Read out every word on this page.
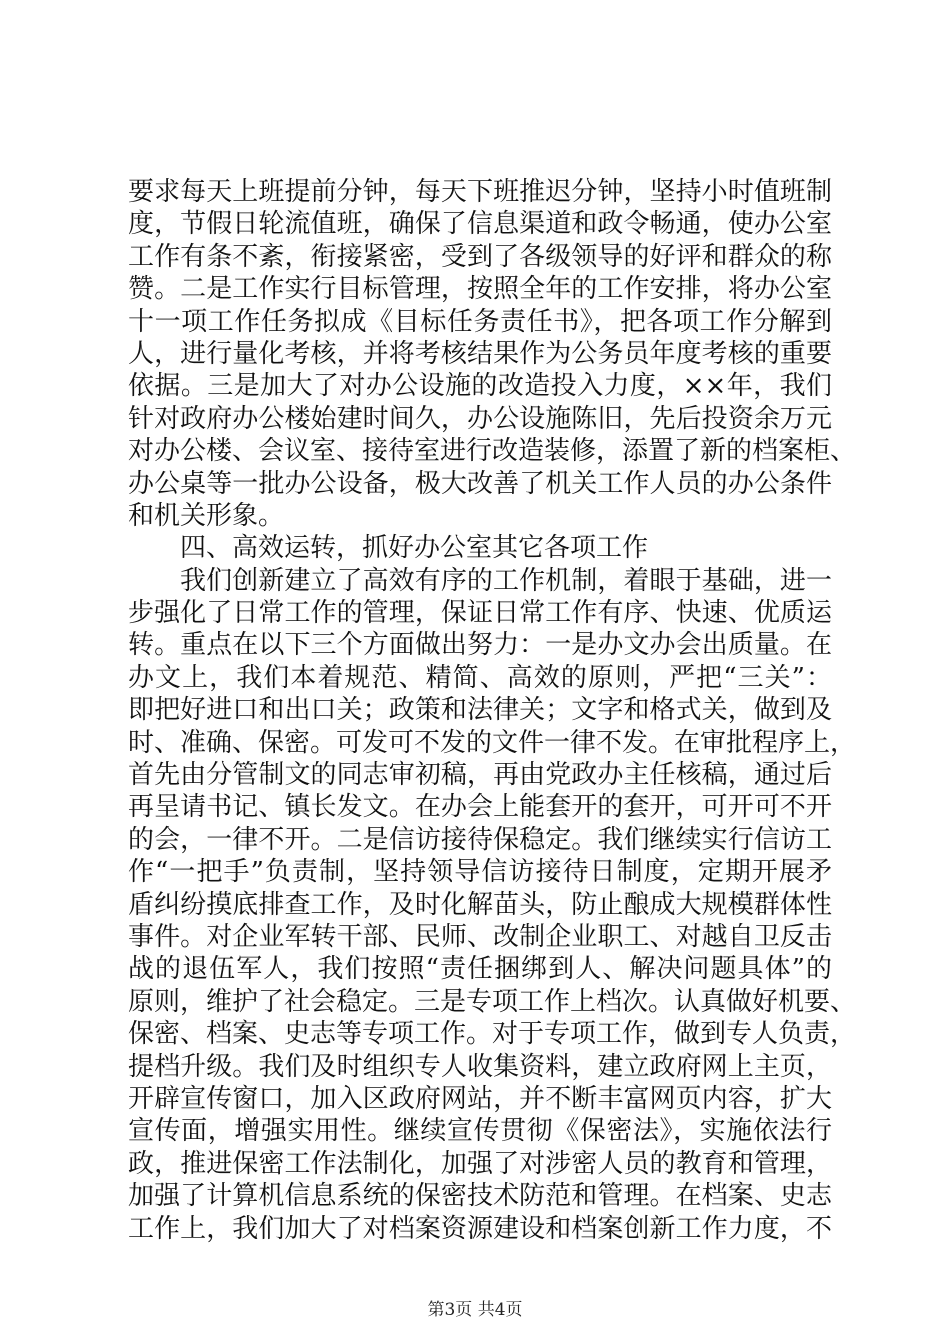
要求每天上班提前分钟，每天下班推迟分钟，坚持小时值班制
度，节假日轮流值班，确保了信息渠道和政令畅通，使办公室
工作有条不紊，衔接紧密，受到了各级领导的好评和群众的称
赞。二是工作实行目标管理，按照全年的工作安排，将办公室
十一项工作任务拟成《目标任务责任书》，把各项工作分解到
人，进行量化考核，并将考核结果作为公务员年度考核的重要
依据。三是加大了对办公设施的改造投入力度，××年，我们
针对政府办公楼始建时间久，办公设施陈旧，先后投资余万元
对办公楼、会议室、接待室进行改造装修，添置了新的档案柜、
办公桌等一批办公设备，极大改善了机关工作人员的办公条件
和机关形象。
四、高效运转，抓好办公室其它各项工作
我们创新建立了高效有序的工作机制，着眼于基础，进一
步强化了日常工作的管理，保证日常工作有序、快速、优质运
转。重点在以下三个方面做出努力：一是办文办会出质量。在
办文上，我们本着规范、精简、高效的原则，严把“三关”：
即把好进口和出口关；政策和法律关；文字和格式关，做到及
时、准确、保密。可发可不发的文件一律不发。在审批程序上，
首先由分管制文的同志审初稿，再由党政办主任核稿，通过后
再呈请书记、镇长发文。在办会上能套开的套开，可开可不开
的会，一律不开。二是信访接待保稳定。我们继续实行信访工
作“一把手”负责制，坚持领导信访接待日制度，定期开展矛
盾纠纷摸底排查工作，及时化解苗头，防止酿成大规模群体性
事件。对企业军转干部、民师、改制企业职工、对越自卫反击
战的退伍军人，我们按照“责任捆绑到人、解决问题具体”的
原则，维护了社会稳定。三是专项工作上档次。认真做好机要、
保密、档案、史志等专项工作。对于专项工作，做到专人负责，
提档升级。我们及时组织专人收集资料，建立政府网上主页，
开辟宣传窗口，加入区政府网站，并不断丰富网页内容，扩大
宣传面，增强实用性。继续宣传贯彻《保密法》，实施依法行
政，推进保密工作法制化，加强了对涉密人员的教育和管理，
加强了计算机信息系统的保密技术防范和管理。在档案、史志
工作上，我们加大了对档案资源建设和档案创新工作力度，不
第3页 共4页
